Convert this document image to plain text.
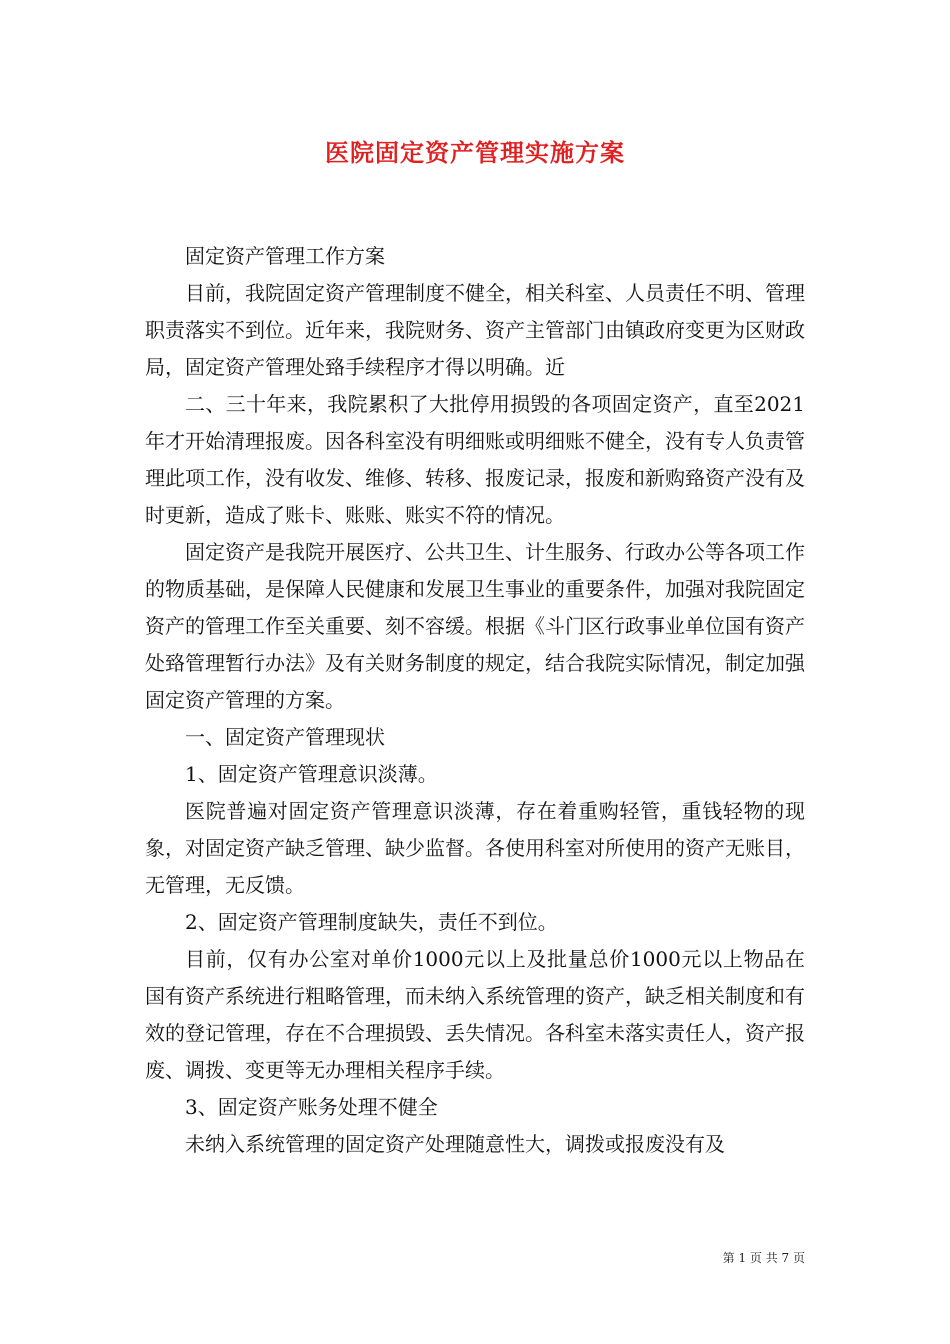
医院固定资产管理实施方案

固定资产管理工作方案

目前，我院固定资产管理制度不健全，相关科室、人员责任不明、管理职责落实不到位。近年来，我院财务、资产主管部门由镇政府变更为区财政局，固定资产管理处臵手续程序才得以明确。近

二、三十年来，我院累积了大批停用损毁的各项固定资产，直至2021年才开始清理报废。因各科室没有明细账或明细账不健全，没有专人负责管理此项工作，没有收发、维修、转移、报废记录，报废和新购臵资产没有及时更新，造成了账卡、账账、账实不符的情况。

固定资产是我院开展医疗、公共卫生、计生服务、行政办公等各项工作的物质基础，是保障人民健康和发展卫生事业的重要条件，加强对我院固定资产的管理工作至关重要、刻不容缓。根据《斗门区行政事业单位国有资产处臵管理暂行办法》及有关财务制度的规定，结合我院实际情况，制定加强固定资产管理的方案。

一、固定资产管理现状

1、固定资产管理意识淡薄。

医院普遍对固定资产管理意识淡薄，存在着重购轻管，重钱轻物的现象，对固定资产缺乏管理、缺少监督。各使用科室对所使用的资产无账目，无管理，无反馈。

2、固定资产管理制度缺失，责任不到位。

目前，仅有办公室对单价1000元以上及批量总价1000元以上物品在国有资产系统进行粗略管理，而未纳入系统管理的资产，缺乏相关制度和有效的登记管理，存在不合理损毁、丢失情况。各科室未落实责任人，资产报废、调拨、变更等无办理相关程序手续。

3、固定资产账务处理不健全

未纳入系统管理的固定资产处理随意性大，调拨或报废没有及

第 1 页 共 7 页
